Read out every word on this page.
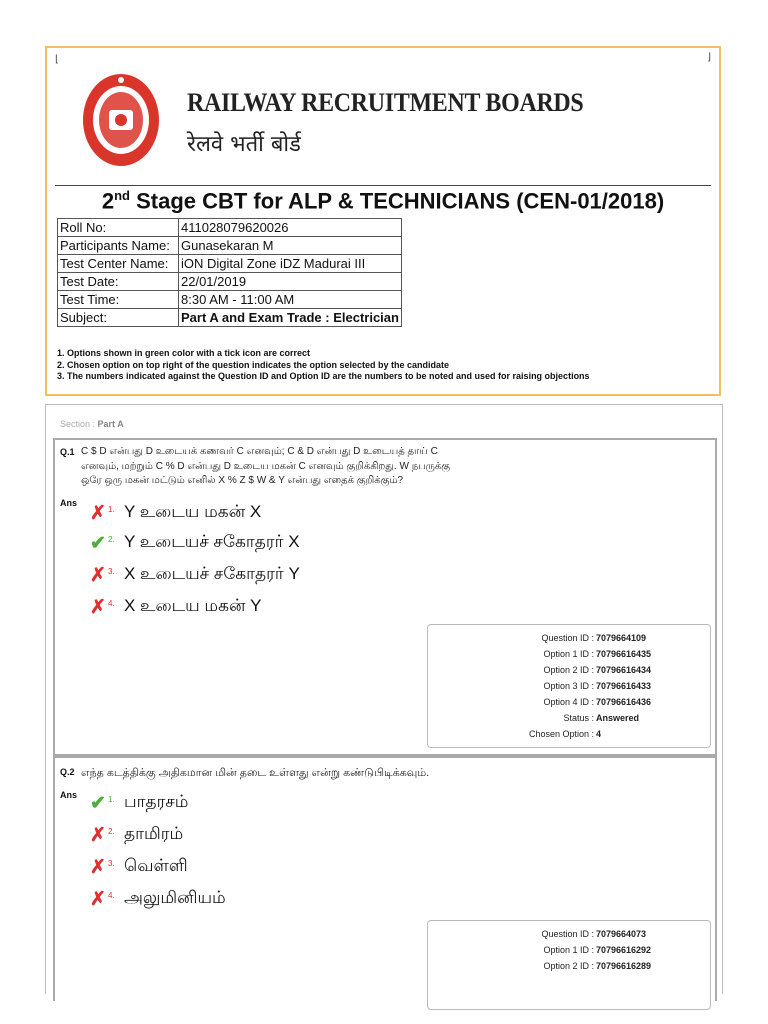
⌊	⌋
RAILWAY RECRUITMENT BOARDS
रेलवे भर्ती बोर्ड
2nd Stage CBT for ALP & TECHNICIANS (CEN-01/2018)
Roll No:	411028079620026
Participants Name:	Gunasekaran M
Test Center Name:	iON Digital Zone iDZ Madurai III
Test Date:	22/01/2019
Test Time:	8:30 AM - 11:00 AM
Subject:	Part A and Exam Trade : Electrician
1. Options shown in green color with a tick icon are correct
2. Chosen option on top right of the question indicates the option selected by the candidate
3. The numbers indicated against the Question ID and Option ID are the numbers to be noted and used for raising objections
Section : Part A
Q.1 C $ D என்பது D உடையக் கணவர் C எனவும்; C & D என்பது D உடையத் தாய் C
எனவும், மற்றும் C % D என்பது D உடைய மகன் C எனவும் குறிக்கிறது. W நபருக்கு
ஒரே ஒரு மகன் மட்டும் எனில் X % Z $ W & Y என்பது எதைக் குறிக்கும்?
Ans ✗ 1. Y உடைய மகன் X
✔ 2. Y உடையச் சகோதரர் X
✗ 3. X உடையச் சகோதரர் Y
✗ 4. X உடைய மகன் Y
Question ID : 7079664109
Option 1 ID : 70796616435
Option 2 ID : 70796616434
Option 3 ID : 70796616433
Option 4 ID : 70796616436
Status : Answered
Chosen Option : 4
Q.2 எந்த கடத்திக்கு அதிகமான மின் தடை உள்ளது என்று கண்டுபிடிக்கவும்.
Ans ✔ 1. பாதரசம்
✗ 2. தாமிரம்
✗ 3. வெள்ளி
✗ 4. அலுமினியம்
Question ID : 7079664073
Option 1 ID : 70796616292
Option 2 ID : 70796616289
